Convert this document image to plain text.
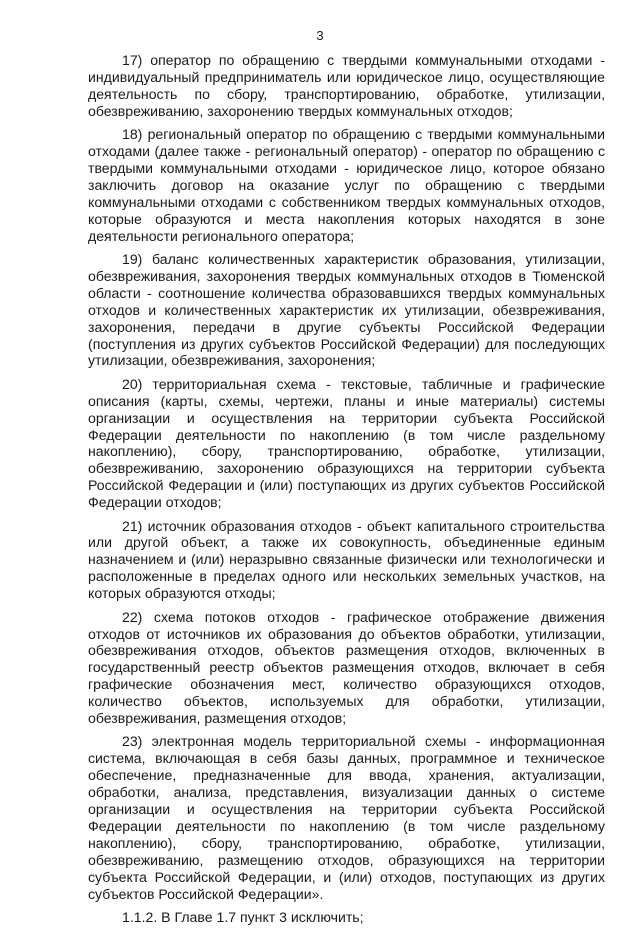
3

17) оператор по обращению с твердыми коммунальными отходами - индивидуальный предприниматель или юридическое лицо, осуществляющие деятельность по сбору, транспортированию, обработке, утилизации, обезвреживанию, захоронению твердых коммунальных отходов;

18) региональный оператор по обращению с твердыми коммунальными отходами (далее также - региональный оператор) - оператор по обращению с твердыми коммунальными отходами - юридическое лицо, которое обязано заключить договор на оказание услуг по обращению с твердыми коммунальными отходами с собственником твердых коммунальных отходов, которые образуются и места накопления которых находятся в зоне деятельности регионального оператора;

19) баланс количественных характеристик образования, утилизации, обезвреживания, захоронения твердых коммунальных отходов в Тюменской области - соотношение количества образовавшихся твердых коммунальных отходов и количественных характеристик их утилизации, обезвреживания, захоронения, передачи в другие субъекты Российской Федерации (поступления из других субъектов Российской Федерации) для последующих утилизации, обезвреживания, захоронения;

20) территориальная схема - текстовые, табличные и графические описания (карты, схемы, чертежи, планы и иные материалы) системы организации и осуществления на территории субъекта Российской Федерации деятельности по накоплению (в том числе раздельному накоплению), сбору, транспортированию, обработке, утилизации, обезвреживанию, захоронению образующихся на территории субъекта Российской Федерации и (или) поступающих из других субъектов Российской Федерации отходов;

21) источник образования отходов - объект капитального строительства или другой объект, а также их совокупность, объединенные единым назначением и (или) неразрывно связанные физически или технологически и расположенные в пределах одного или нескольких земельных участков, на которых образуются отходы;

22) схема потоков отходов - графическое отображение движения отходов от источников их образования до объектов обработки, утилизации, обезвреживания отходов, объектов размещения отходов, включенных в государственный реестр объектов размещения отходов, включает в себя графические обозначения мест, количество образующихся отходов, количество объектов, используемых для обработки, утилизации, обезвреживания, размещения отходов;

23) электронная модель территориальной схемы - информационная система, включающая в себя базы данных, программное и техническое обеспечение, предназначенные для ввода, хранения, актуализации, обработки, анализа, представления, визуализации данных о системе организации и осуществления на территории субъекта Российской Федерации деятельности по накоплению (в том числе раздельному накоплению), сбору, транспортированию, обработке, утилизации, обезвреживанию, размещению отходов, образующихся на территории субъекта Российской Федерации, и (или) отходов, поступающих из других субъектов Российской Федерации».

1.1.2. В Главе 1.7 пункт 3 исключить;
